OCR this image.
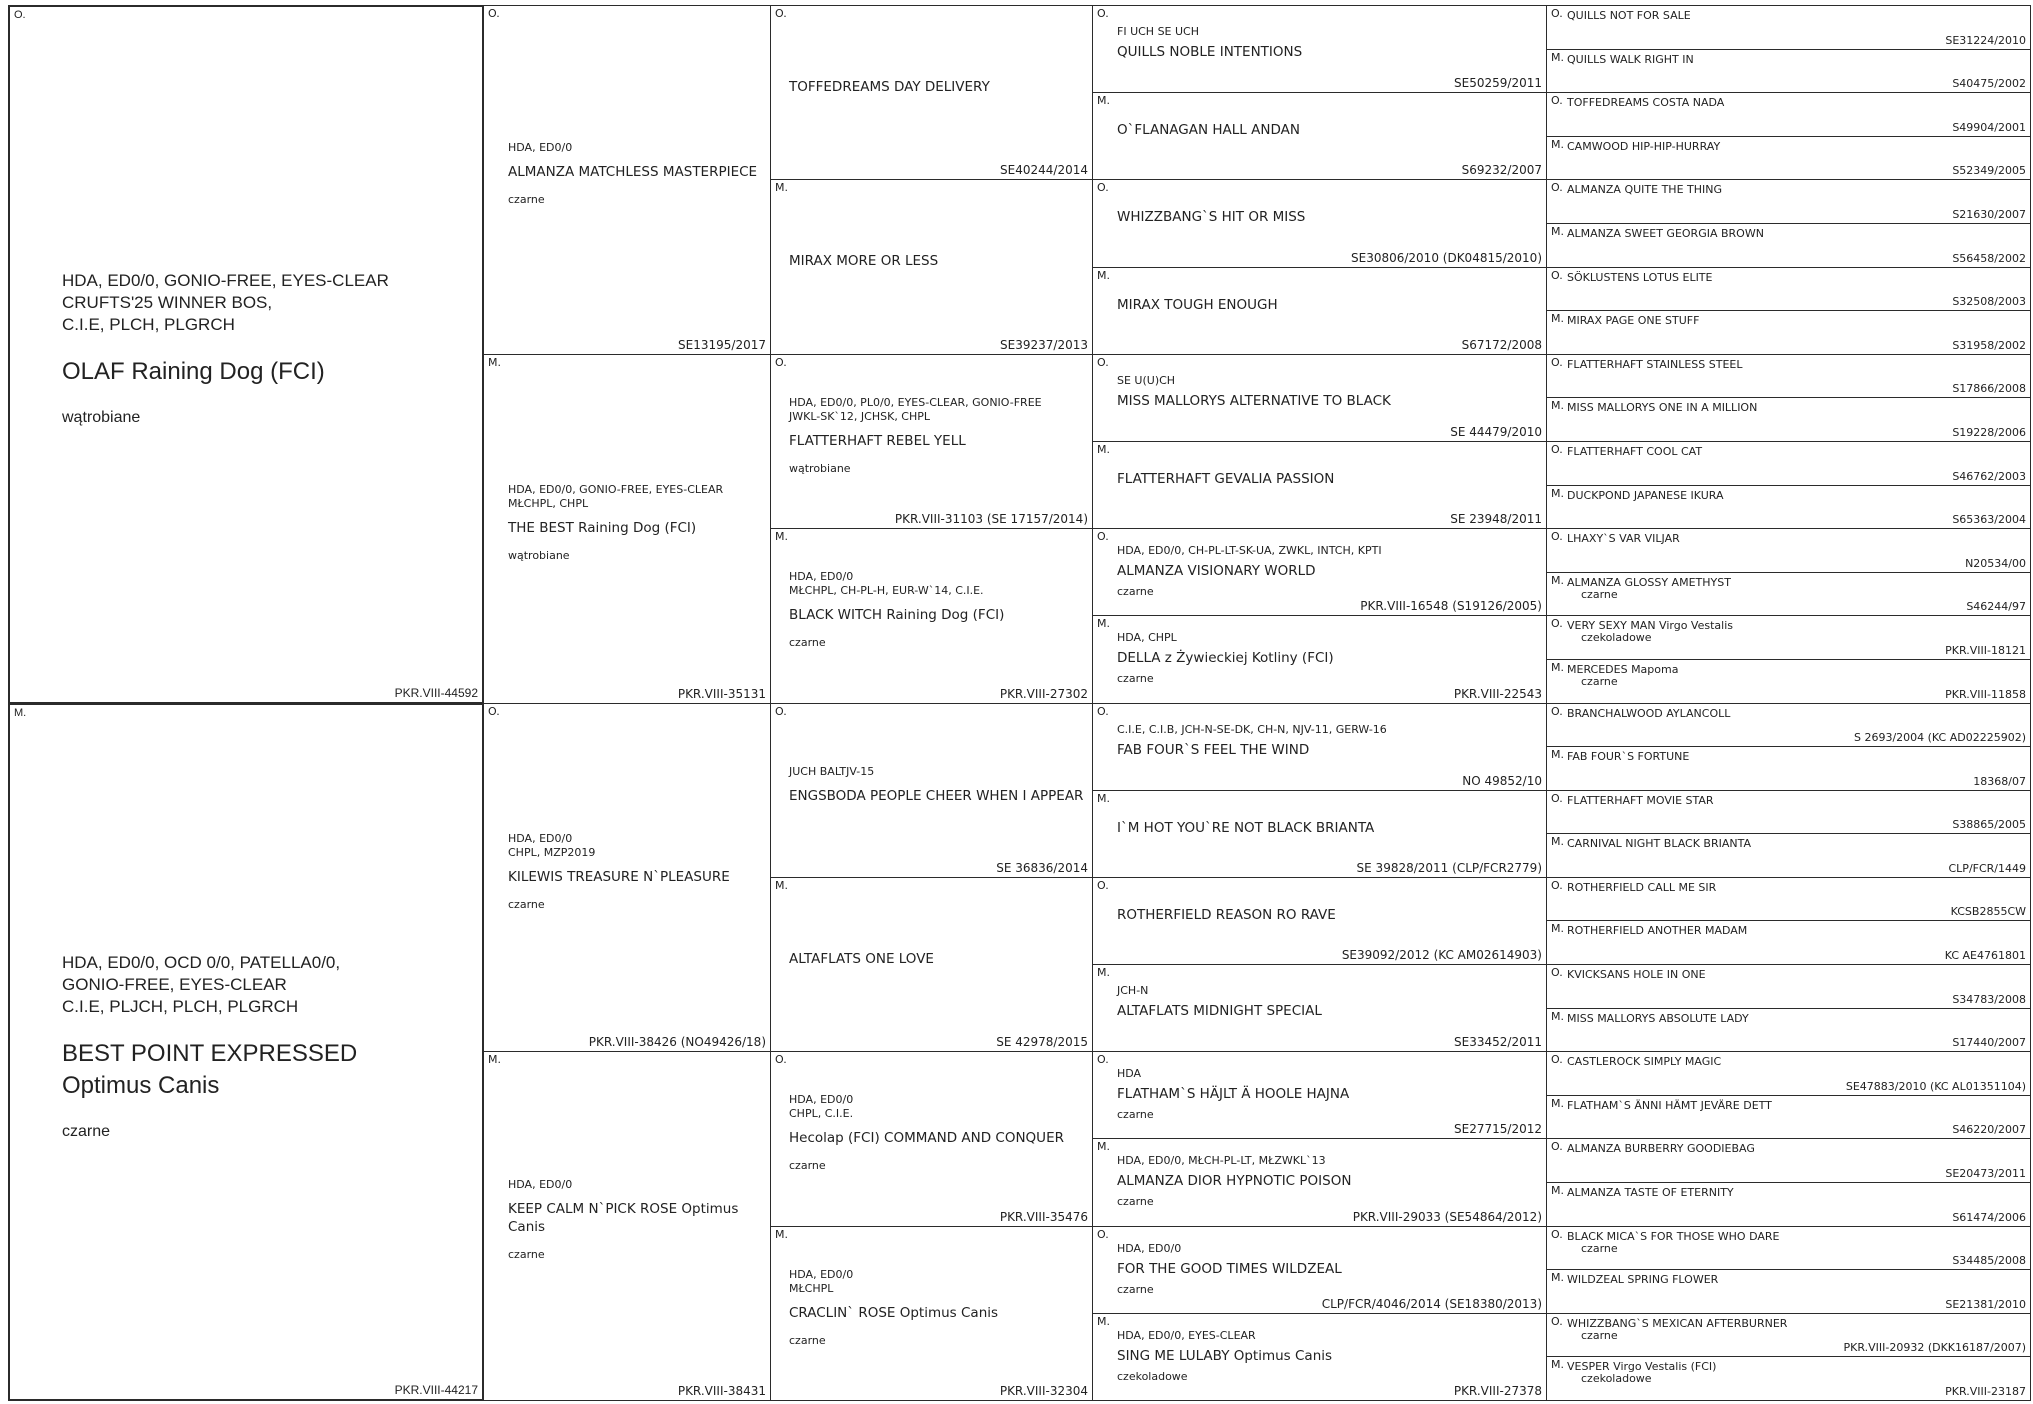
O.
PKR.VIII-44592
HDA, ED0/0, GONIO-FREE, EYES-CLEAR
CRUFTS'25 WINNER BOS,
C.I.E, PLCH, PLGRCH
OLAF Raining Dog (FCI)
wątrobiane
M.
PKR.VIII-44217
HDA, ED0/0, OCD 0/0, PATELLA0/0,
GONIO-FREE, EYES-CLEAR
C.I.E, PLJCH, PLCH, PLGRCH
BEST POINT EXPRESSED
Optimus Canis
czarne
O.
SE13195/2017
HDA, ED0/0
ALMANZA MATCHLESS MASTERPIECE
czarne
M.
PKR.VIII-35131
HDA, ED0/0, GONIO-FREE, EYES-CLEAR
MŁCHPL, CHPL
THE BEST Raining Dog (FCI)
wątrobiane
O.
PKR.VIII-38426 (NO49426/18)
HDA, ED0/0
CHPL, MZP2019
KILEWIS TREASURE N`PLEASURE
czarne
M.
PKR.VIII-38431
HDA, ED0/0
KEEP CALM N`PICK ROSE Optimus
Canis
czarne
O.
SE40244/2014
TOFFEDREAMS DAY DELIVERY
M.
SE39237/2013
MIRAX MORE OR LESS
O.
PKR.VIII-31103 (SE 17157/2014)
HDA, ED0/0, PL0/0, EYES-CLEAR, GONIO-FREE
JWKL-SK`12, JCHSK, CHPL
FLATTERHAFT REBEL YELL
wątrobiane
M.
PKR.VIII-27302
HDA, ED0/0
MŁCHPL, CH-PL-H, EUR-W`14, C.I.E.
BLACK WITCH Raining Dog (FCI)
czarne
O.
SE 36836/2014
JUCH BALTJV-15
ENGSBODA PEOPLE CHEER WHEN I APPEAR
M.
SE 42978/2015
ALTAFLATS ONE LOVE
O.
PKR.VIII-35476
HDA, ED0/0
CHPL, C.I.E.
Hecolap (FCI) COMMAND AND CONQUER
czarne
M.
PKR.VIII-32304
HDA, ED0/0
MŁCHPL
CRACLIN` ROSE Optimus Canis
czarne
O.
SE50259/2011
FI UCH SE UCH
QUILLS NOBLE INTENTIONS
M.
S69232/2007
O`FLANAGAN HALL ANDAN
O.
SE30806/2010 (DK04815/2010)
WHIZZBANG`S HIT OR MISS
M.
S67172/2008
MIRAX TOUGH ENOUGH
O.
SE 44479/2010
SE U(U)CH
MISS MALLORYS ALTERNATIVE TO BLACK
M.
SE 23948/2011
FLATTERHAFT GEVALIA PASSION
O.
PKR.VIII-16548 (S19126/2005)
HDA, ED0/0, CH-PL-LT-SK-UA, ZWKL, INTCH, KPTI
ALMANZA VISIONARY WORLD
czarne
M.
PKR.VIII-22543
HDA, CHPL
DELLA z Żywieckiej Kotliny (FCI)
czarne
O.
NO 49852/10
C.I.E, C.I.B, JCH-N-SE-DK, CH-N, NJV-11, GERW-16
FAB FOUR`S FEEL THE WIND
M.
SE 39828/2011 (CLP/FCR2779)
I`M HOT YOU`RE NOT BLACK BRIANTA
O.
SE39092/2012 (KC AM02614903)
ROTHERFIELD REASON RO RAVE
M.
SE33452/2011
JCH-N
ALTAFLATS MIDNIGHT SPECIAL
O.
SE27715/2012
HDA
FLATHAM`S HÄJLT Ä HOOLE HAJNA
czarne
M.
PKR.VIII-29033 (SE54864/2012)
HDA, ED0/0, MŁCH-PL-LT, MŁZWKL`13
ALMANZA DIOR HYPNOTIC POISON
czarne
O.
CLP/FCR/4046/2014 (SE18380/2013)
HDA, ED0/0
FOR THE GOOD TIMES WILDZEAL
czarne
M.
PKR.VIII-27378
HDA, ED0/0, EYES-CLEAR
SING ME LULABY Optimus Canis
czekoladowe
O.
SE31224/2010
QUILLS NOT FOR SALE
M.
S40475/2002
QUILLS WALK RIGHT IN
O.
S49904/2001
TOFFEDREAMS COSTA NADA
M.
S52349/2005
CAMWOOD HIP-HIP-HURRAY
O.
S21630/2007
ALMANZA QUITE THE THING
M.
S56458/2002
ALMANZA SWEET GEORGIA BROWN
O.
S32508/2003
SÖKLUSTENS LOTUS ELITE
M.
S31958/2002
MIRAX PAGE ONE STUFF
O.
S17866/2008
FLATTERHAFT STAINLESS STEEL
M.
S19228/2006
MISS MALLORYS ONE IN A MILLION
O.
S46762/2003
FLATTERHAFT COOL CAT
M.
S65363/2004
DUCKPOND JAPANESE IKURA
O.
N20534/00
LHAXY`S VAR VILJAR
M.
S46244/97
ALMANZA GLOSSY AMETHYST
czarne
O.
PKR.VIII-18121
VERY SEXY MAN Virgo Vestalis
czekoladowe
M.
PKR.VIII-11858
MERCEDES Mapoma
czarne
O.
S 2693/2004 (KC AD02225902)
BRANCHALWOOD AYLANCOLL
M.
18368/07
FAB FOUR`S FORTUNE
O.
S38865/2005
FLATTERHAFT MOVIE STAR
M.
CLP/FCR/1449
CARNIVAL NIGHT BLACK BRIANTA
O.
KCSB2855CW
ROTHERFIELD CALL ME SIR
M.
KC AE4761801
ROTHERFIELD ANOTHER MADAM
O.
S34783/2008
KVICKSANS HOLE IN ONE
M.
S17440/2007
MISS MALLORYS ABSOLUTE LADY
O.
SE47883/2010 (KC AL01351104)
CASTLEROCK SIMPLY MAGIC
M.
S46220/2007
FLATHAM`S ÄNNI HÄMT JEVÄRE DETT
O.
SE20473/2011
ALMANZA BURBERRY GOODIEBAG
M.
S61474/2006
ALMANZA TASTE OF ETERNITY
O.
S34485/2008
BLACK MICA`S FOR THOSE WHO DARE
czarne
M.
SE21381/2010
WILDZEAL SPRING FLOWER
O.
PKR.VIII-20932 (DKK16187/2007)
WHIZZBANG`S MEXICAN AFTERBURNER
czarne
M.
PKR.VIII-23187
VESPER Virgo Vestalis (FCI)
czekoladowe
